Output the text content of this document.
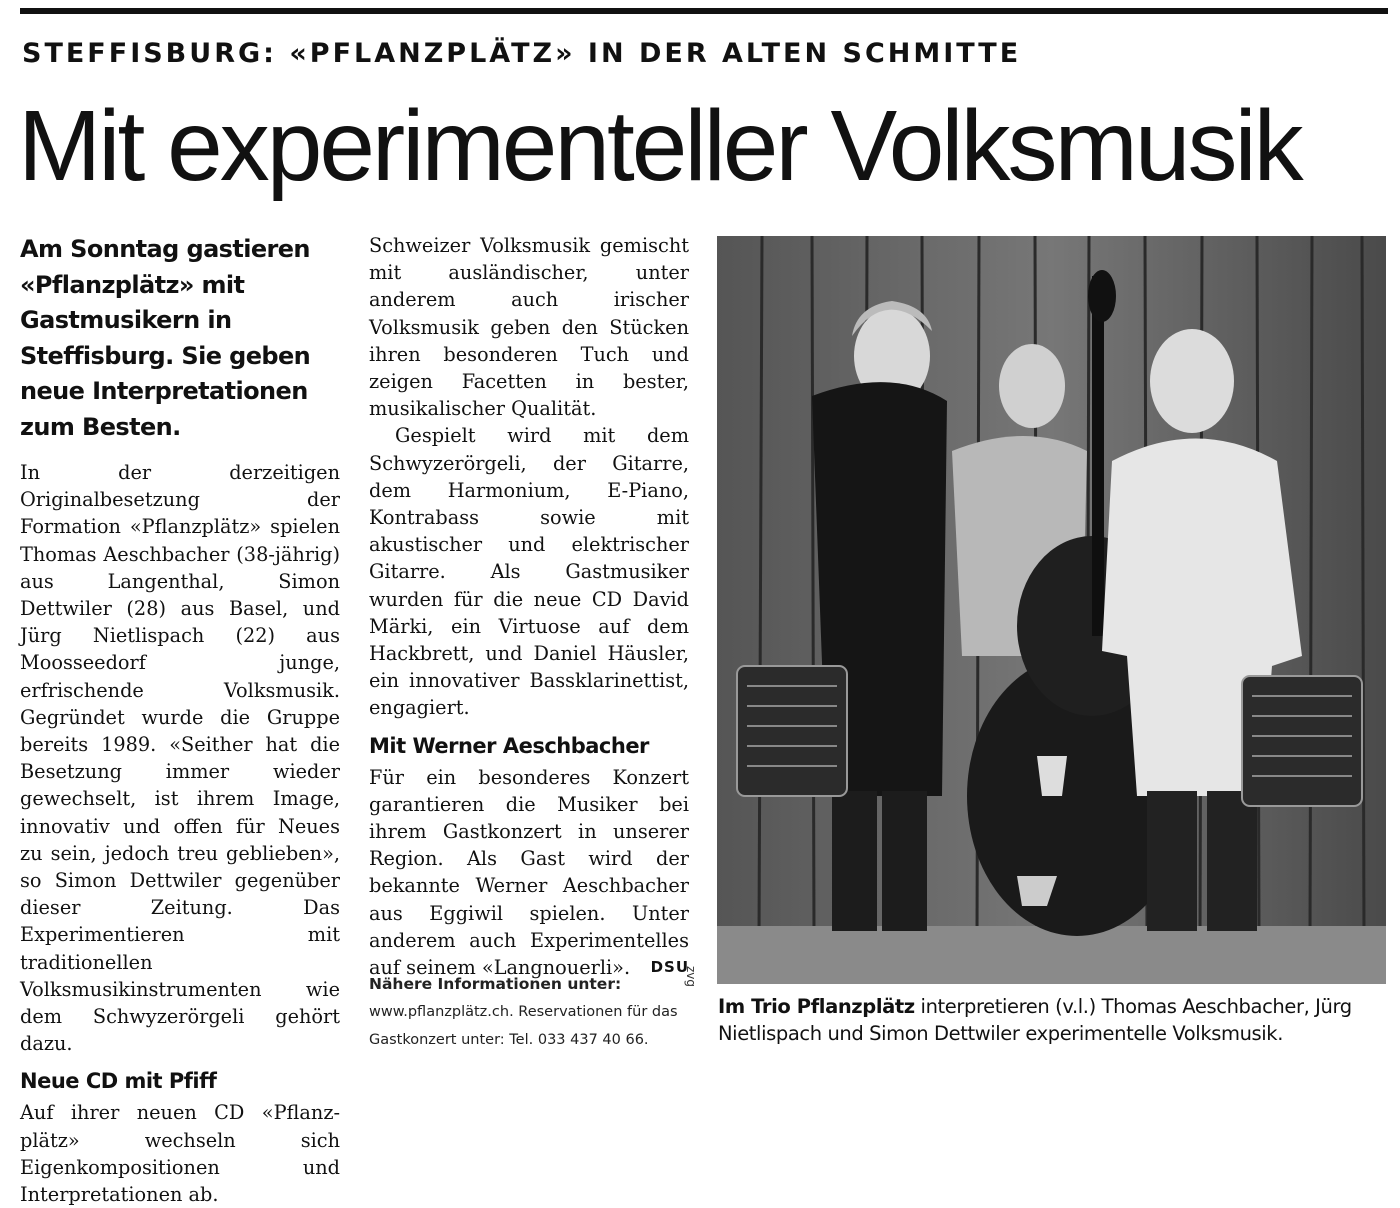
STEFFISBURG: «PFLANZPLÄTZ» IN DER ALTEN SCHMITTE
Mit experimenteller Volksmusik

Am Sonntag gastieren «Pflanzplätz» mit Gastmusikern in Steffisburg. Sie geben neue Interpretationen zum Besten.

In der derzeitigen Originalbesetzung der Formation «Pflanzplätz» spielen Thomas Aeschbacher (38-jährig) aus Langenthal, Simon Dettwiler (28) aus Basel, und Jürg Nietlispach (22) aus Moosseedorf junge, erfrischende Volksmusik. Gegründet wurde die Gruppe bereits 1989. «Seither hat die Besetzung immer wieder gewechselt, ist ihrem Image, innovativ und offen für Neues zu sein, jedoch treu geblieben», so Simon Dettwiler gegenüber dieser Zeitung. Das Experimentieren mit traditionellen Volksmusikinstrumenten wie dem Schwyzerörgeli gehört dazu.

Neue CD mit Pfiff

Auf ihrer neuen CD «Pflanz-plätz» wechseln sich Eigenkompositionen und Interpretationen ab.

Schweizer Volksmusik gemischt mit ausländischer, unter anderem auch irischer Volksmusik geben den Stücken ihren besonderen Tuch und zeigen Facetten in bester, musikalischer Qualität.

Gespielt wird mit dem Schwyzerörgeli, der Gitarre, dem Harmonium, E-Piano, Kontrabass sowie mit akustischer und elektrischer Gitarre. Als Gastmusiker wurden für die neue CD David Märki, ein Virtuose auf dem Hackbrett, und Daniel Häusler, ein innovativer Bassklarinettist, engagiert.

Mit Werner Aeschbacher

Für ein besonderes Konzert garantieren die Musiker bei ihrem Gastkonzert in unserer Region. Als Gast wird der bekannte Werner Aeschbacher aus Eggiwil spielen. Unter anderem auch Experimentelles auf seinem «Langnouerli». DSU

Nähere Informationen unter:
www.pflanzplätz.ch. Reservationen für das Gastkonzert unter: Tel. 033 437 40 66.
zvg
Im Trio Pflanzplätz interpretieren (v.l.) Thomas Aeschbacher, Jürg Nietlispach und Simon Dettwiler experimentelle Volksmusik.
